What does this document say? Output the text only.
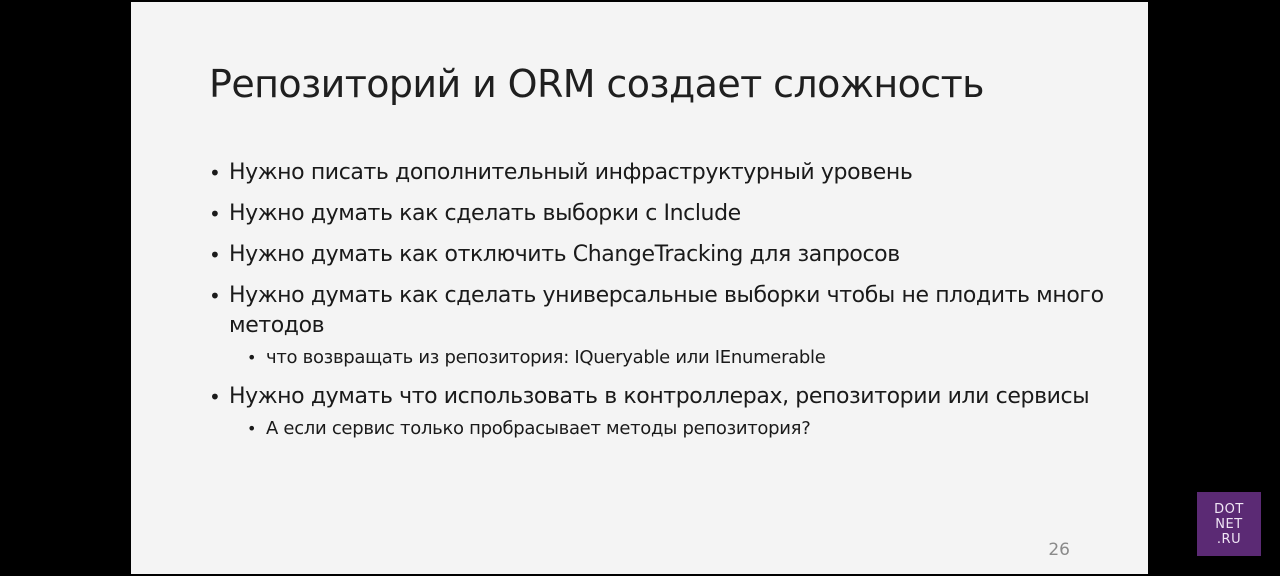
Репозиторий и ORM создает сложность
• Нужно писать дополнительный инфраструктурный уровень
• Нужно думать как сделать выборки с Include
• Нужно думать как отключить ChangeTracking для запросов
• Нужно думать как сделать универсальные выборки чтобы не плодить много методов
• что возвращать из репозитория: IQueryable или IEnumerable
• Нужно думать что использовать в контроллерах, репозитории или сервисы
• А если сервис только пробрасывает методы репозитория?
26
DOT
NET
.RU
